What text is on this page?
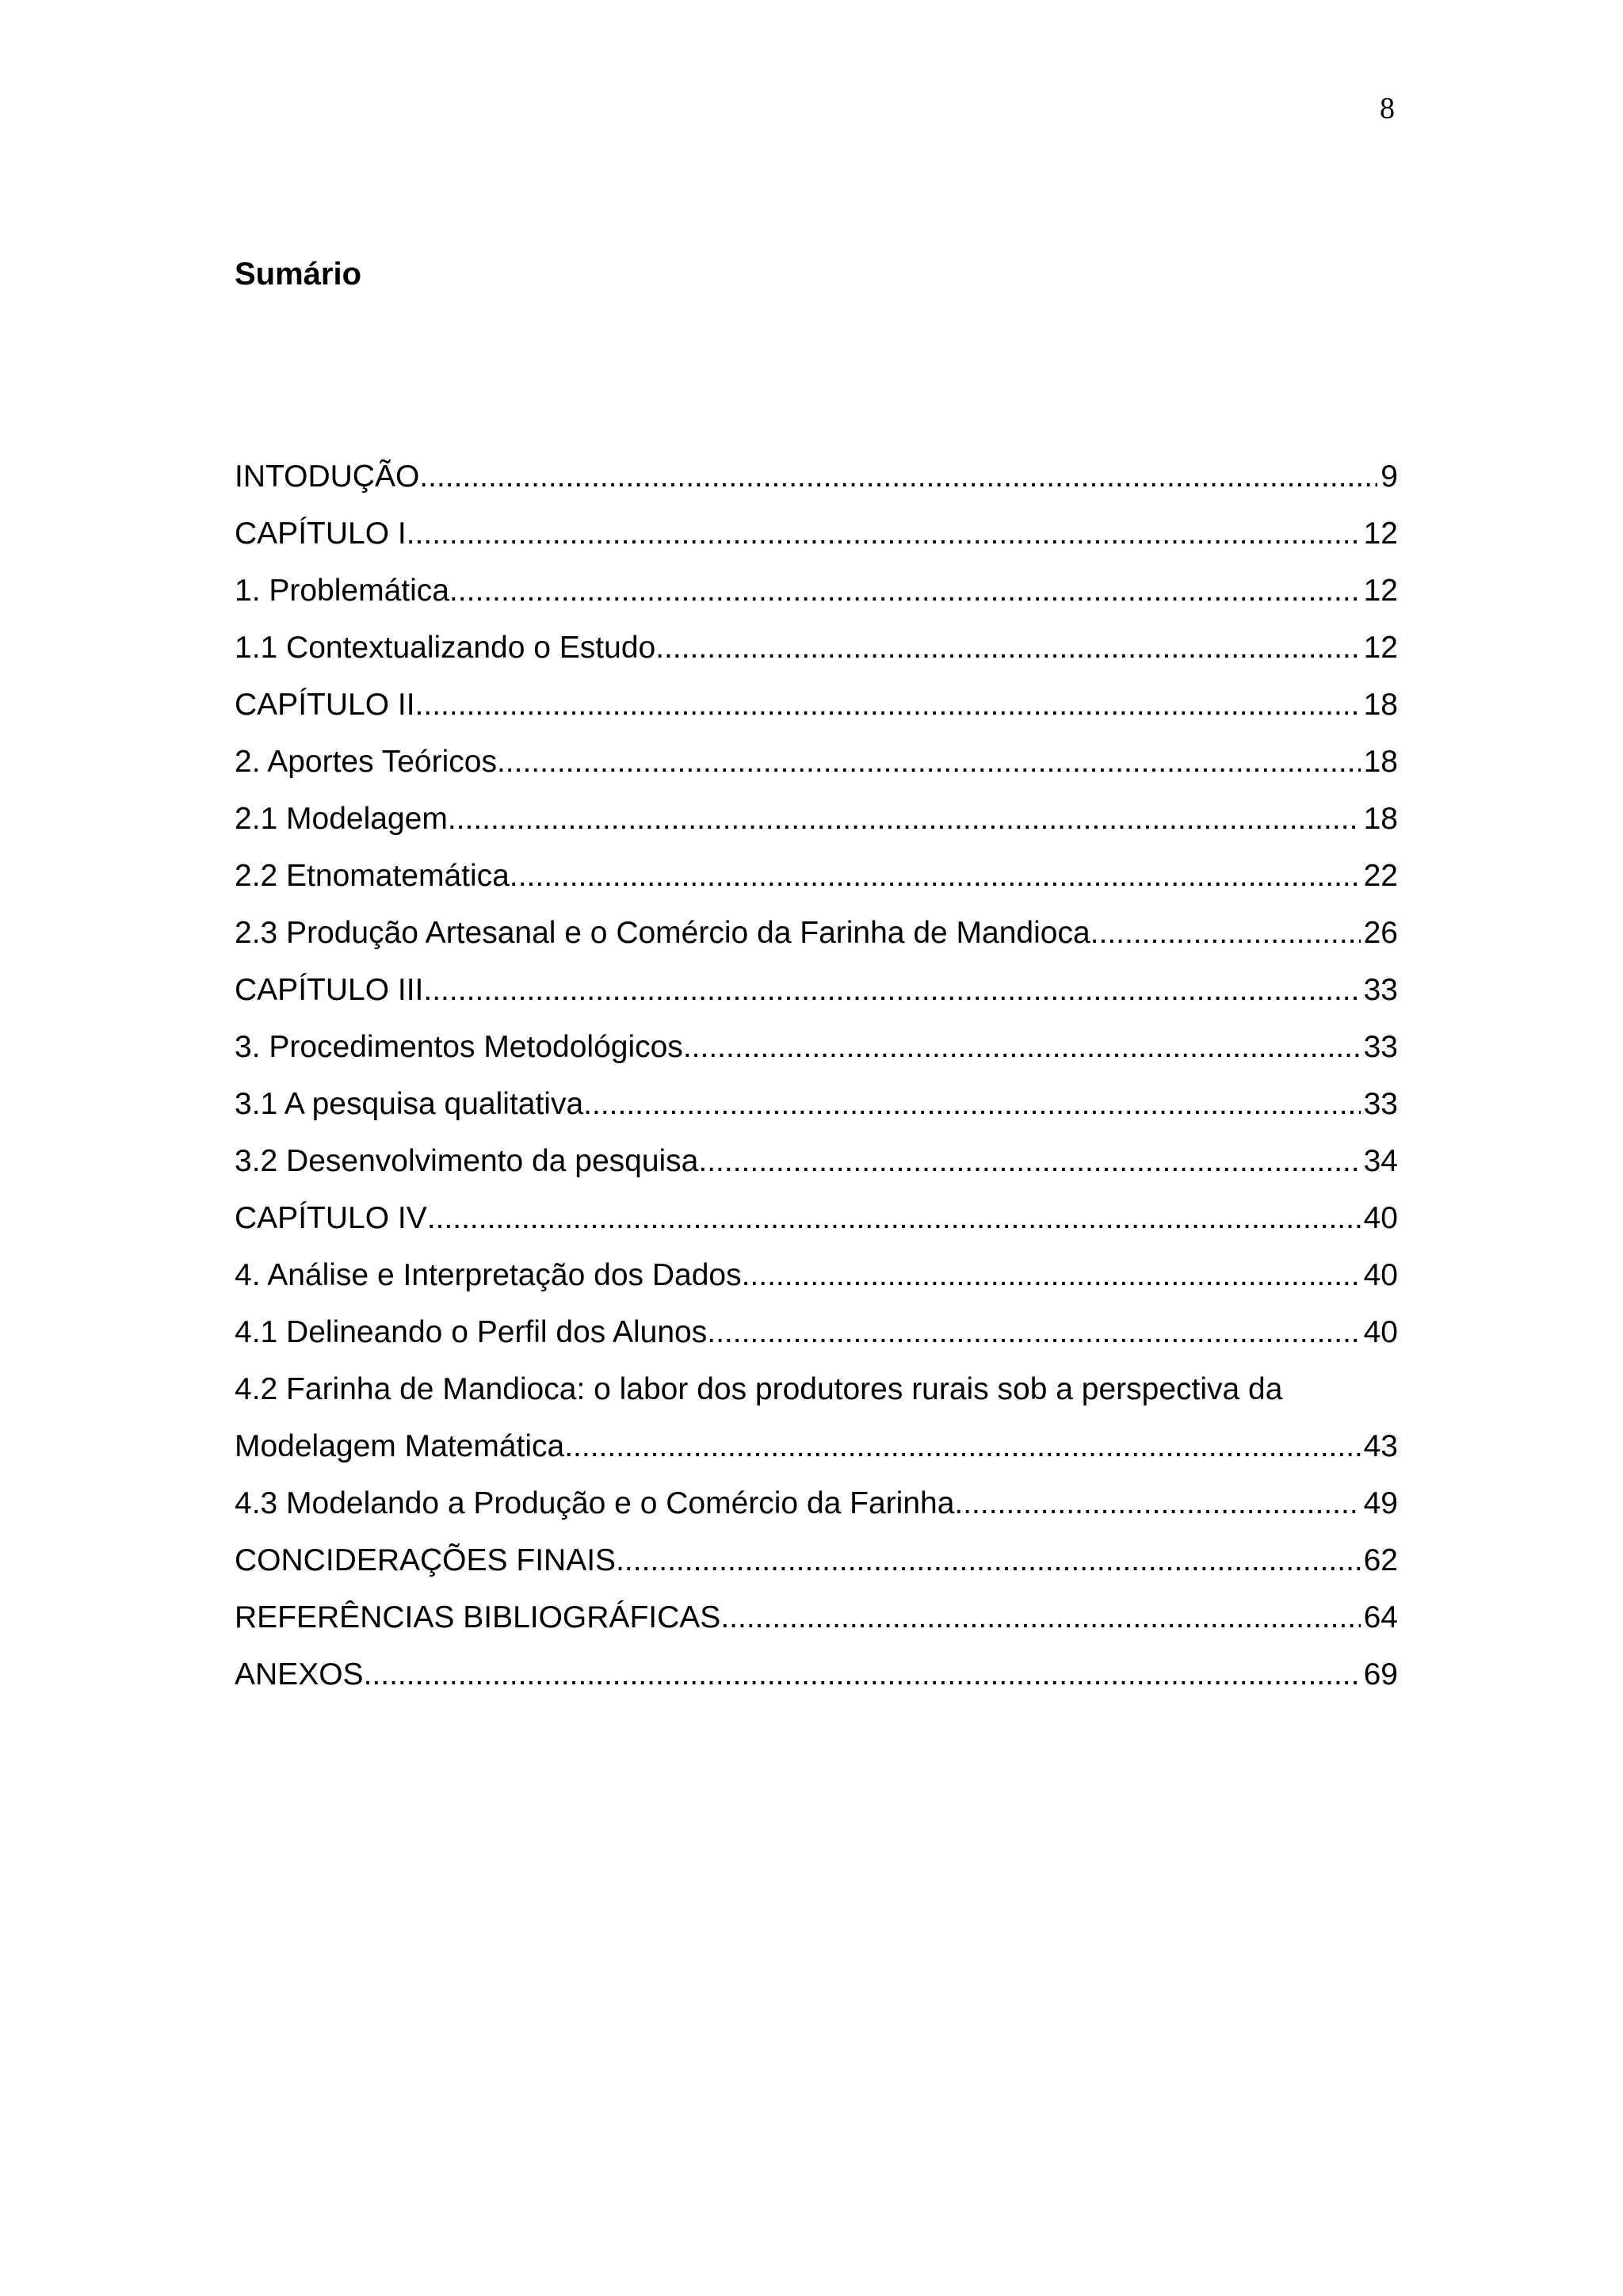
8
Sumário
INTODUÇÃO .....	9
CAPÍTULO I .....	12
1. Problemática .....	12
1.1 Contextualizando o Estudo .....	12
CAPÍTULO II .....	18
2. Aportes Teóricos .....	18
2.1 Modelagem .....	18
2.2 Etnomatemática .....	22
2.3 Produção Artesanal e o Comércio da Farinha de Mandioca .....	26
CAPÍTULO III .....	33
3. Procedimentos Metodológicos .....	33
3.1 A pesquisa qualitativa .....	33
3.2 Desenvolvimento da pesquisa .....	34
CAPÍTULO IV .....	40
4. Análise e Interpretação dos Dados .....	40
4.1 Delineando o Perfil dos Alunos .....	40
4.2 Farinha de Mandioca: o labor dos produtores rurais sob a perspectiva da
Modelagem Matemática .....	43
4.3 Modelando a Produção e o Comércio da Farinha .....	49
CONCIDERAÇÕES FINAIS .....	62
REFERÊNCIAS BIBLIOGRÁFICAS .....	64
ANEXOS .....	69
